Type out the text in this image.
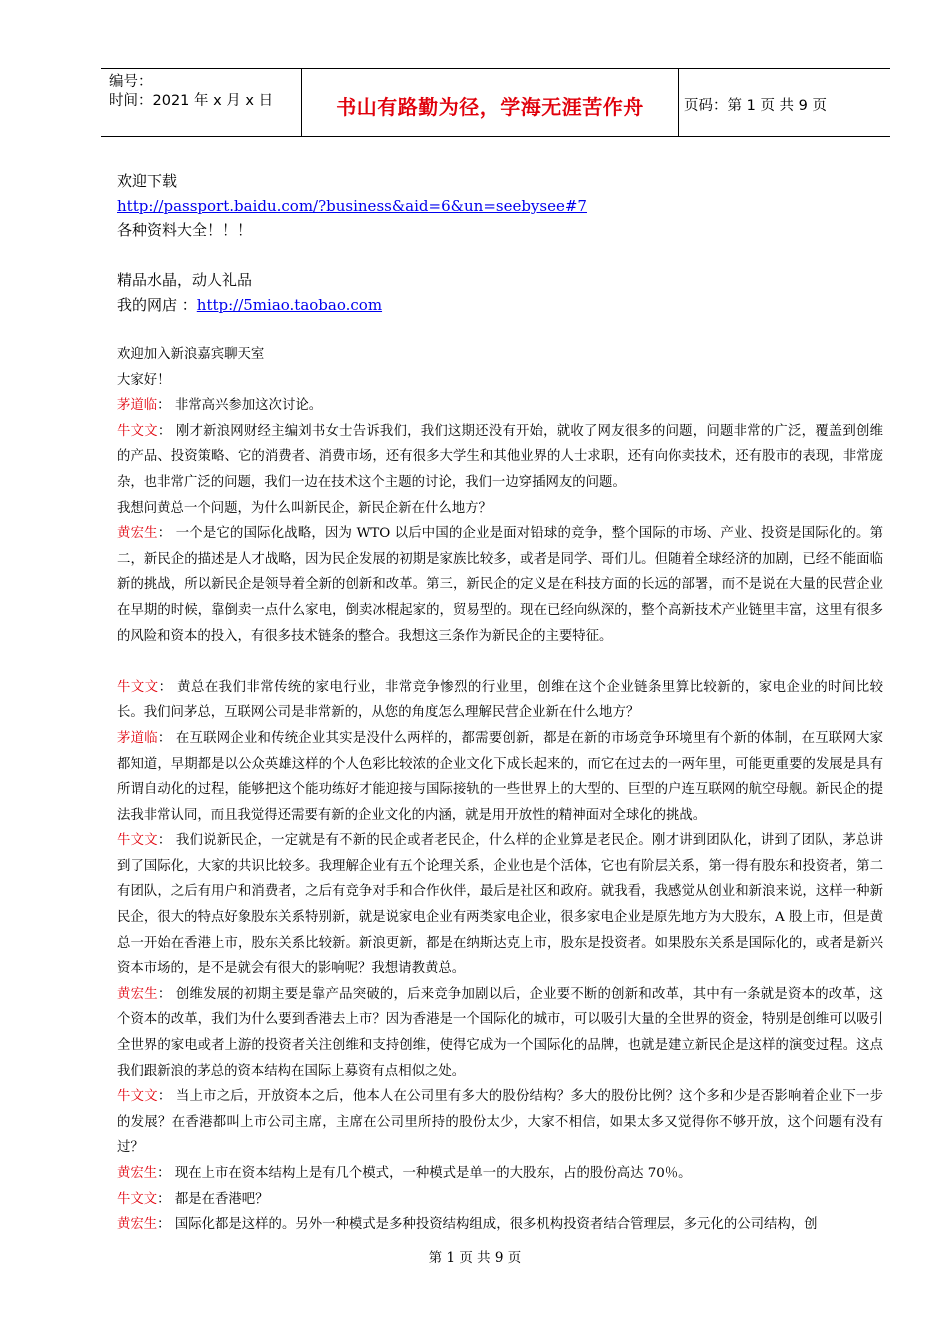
编号：
时间：2021 年 x 月 x 日	书山有路勤为径，学海无涯苦作舟	页码：第 1 页 共 9 页
欢迎下载
http://passport.baidu.com/?business&aid=6&un=seebysee#7
各种资料大全！！！
精品水晶，动人礼品
我的网店 ：http://5miao.taobao.com

欢迎加入新浪嘉宾聊天室

大家好！

茅道临： 非常高兴参加这次讨论。

牛文文： 刚才新浪网财经主编刘书女士告诉我们，我们这期还没有开始，就收了网友很多的问题，问题非常的广泛，覆盖到创维的产品、投资策略、它的消费者、消费市场，还有很多大学生和其他业界的人士求职，还有向你卖技术，还有股市的表现，非常庞杂，也非常广泛的问题，我们一边在技术这个主题的讨论，我们一边穿插网友的问题。

我想问黄总一个问题，为什么叫新民企，新民企新在什么地方？

黄宏生： 一个是它的国际化战略，因为 WTO 以后中国的企业是面对铅球的竞争，整个国际的市场、产业、投资是国际化的。第二，新民企的描述是人才战略，因为民企发展的初期是家族比较多，或者是同学、哥们儿。但随着全球经济的加剧，已经不能面临新的挑战，所以新民企是领导着全新的创新和改革。第三，新民企的定义是在科技方面的长远的部署，而不是说在大量的民营企业在早期的时候，靠倒卖一点什么家电，倒卖冰棍起家的，贸易型的。现在已经向纵深的，整个高新技术产业链里丰富，这里有很多的风险和资本的投入，有很多技术链条的整合。我想这三条作为新民企的主要特征。

牛文文： 黄总在我们非常传统的家电行业，非常竞争惨烈的行业里，创维在这个企业链条里算比较新的，家电企业的时间比较长。我们问茅总，互联网公司是非常新的，从您的角度怎么理解民营企业新在什么地方？

茅道临： 在互联网企业和传统企业其实是没什么两样的，都需要创新，都是在新的市场竞争环境里有个新的体制，在互联网大家都知道，早期都是以公众英雄这样的个人色彩比较浓的企业文化下成长起来的，而它在过去的一两年里，可能更重要的发展是具有所谓自动化的过程，能够把这个能功练好才能迎接与国际接轨的一些世界上的大型的、巨型的户连互联网的航空母舰。新民企的提法我非常认同，而且我觉得还需要有新的企业文化的内涵，就是用开放性的精神面对全球化的挑战。

牛文文： 我们说新民企，一定就是有不新的民企或者老民企，什么样的企业算是老民企。刚才讲到团队化，讲到了团队，茅总讲到了国际化，大家的共识比较多。我理解企业有五个论理关系，企业也是个活体，它也有阶层关系，第一得有股东和投资者，第二有团队，之后有用户和消费者，之后有竞争对手和合作伙伴，最后是社区和政府。就我看，我感觉从创业和新浪来说，这样一种新民企，很大的特点好象股东关系特别新，就是说家电企业有两类家电企业，很多家电企业是原先地方为大股东，A 股上市，但是黄总一开始在香港上市，股东关系比较新。新浪更新，都是在纳斯达克上市，股东是投资者。如果股东关系是国际化的，或者是新兴资本市场的，是不是就会有很大的影响呢？我想请教黄总。

黄宏生： 创维发展的初期主要是靠产品突破的，后来竞争加剧以后，企业要不断的创新和改革，其中有一条就是资本的改革，这个资本的改革，我们为什么要到香港去上市？因为香港是一个国际化的城市，可以吸引大量的全世界的资金，特别是创维可以吸引全世界的家电或者上游的投资者关注创维和支持创维，使得它成为一个国际化的品牌，也就是建立新民企是这样的演变过程。这点我们跟新浪的茅总的资本结构在国际上募资有点相似之处。

牛文文： 当上市之后，开放资本之后，他本人在公司里有多大的股份结构？多大的股份比例？这个多和少是否影响着企业下一步的发展？在香港都叫上市公司主席，主席在公司里所持的股份太少，大家不相信，如果太多又觉得你不够开放，这个问题有没有过？

黄宏生： 现在上市在资本结构上是有几个模式，一种模式是单一的大股东，占的股份高达 70％。

牛文文： 都是在香港吧？

黄宏生： 国际化都是这样的。另外一种模式是多种投资结构组成，很多机构投资者结合管理层，多元化的公司结构，创

第 1 页 共 9 页
